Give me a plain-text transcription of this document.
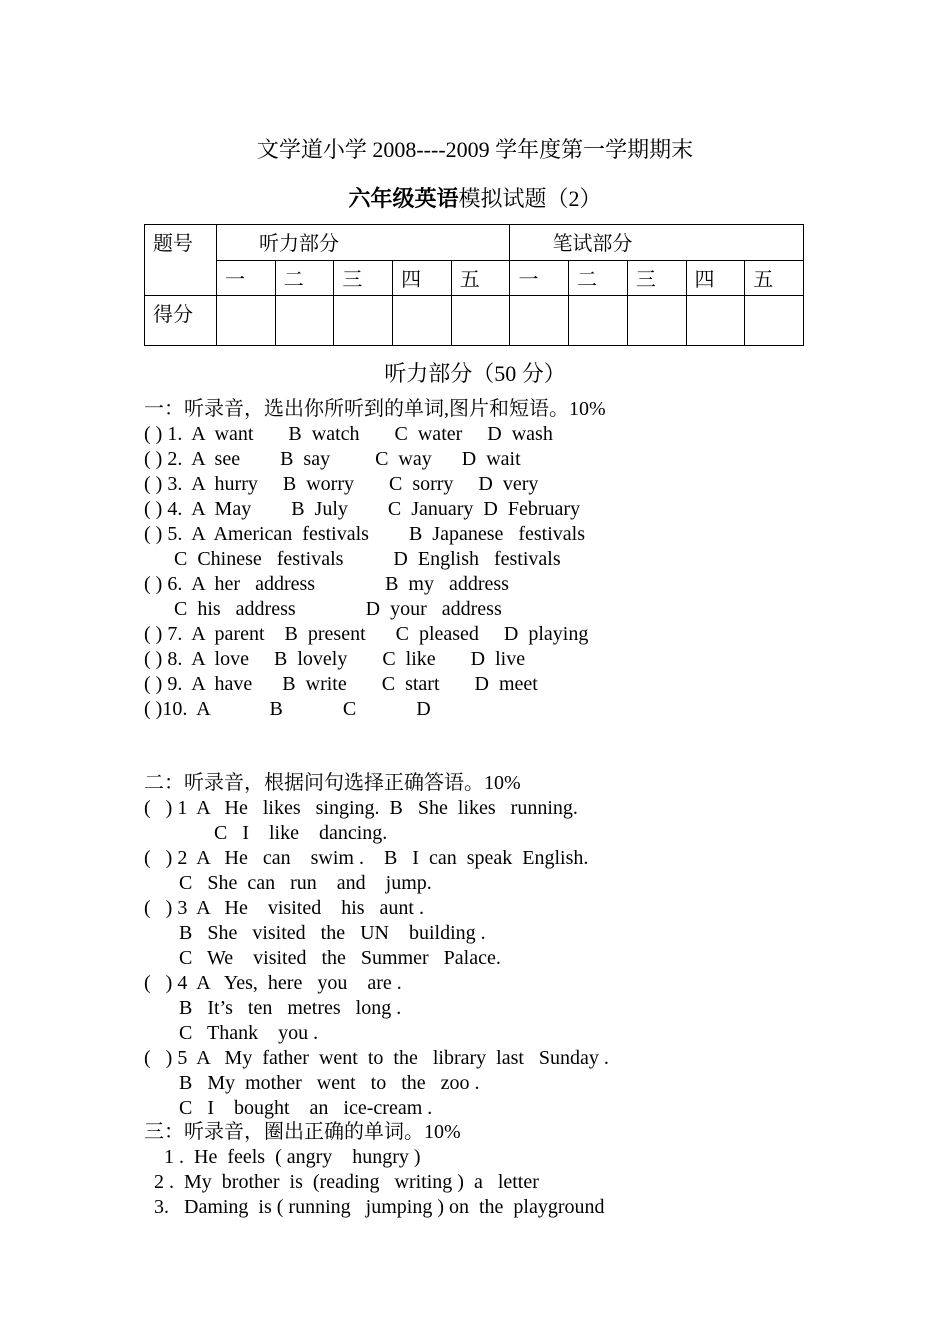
文学道小学 2008----2009 学年度第一学期期末
六年级英语模拟试题（2）
题号	听力部分					笔试部分				
	一	二	三	四	五	一	二	三	四	五
得分										
听力部分（50 分）
一：听录音，选出你所听到的单词,图片和短语。10%
( ) 1.  A  want       B  watch       C  water     D  wash
( ) 2.  A  see        B  say         C  way      D  wait
( ) 3.  A  hurry     B  worry       C  sorry     D  very
( ) 4.  A  May        B  July        C  January  D  February
( ) 5.  A  American  festivals        B  Japanese   festivals
C  Chinese   festivals          D  English   festivals
( ) 6.  A  her   address              B  my   address
C  his   address              D  your   address
( ) 7.  A  parent    B  present      C  pleased     D  playing
( ) 8.  A  love     B  lovely       C  like       D  live
( ) 9.  A  have      B  write       C  start       D  meet
( )10.  A            B            C            D
二：听录音，根据问句选择正确答语。10%
(   ) 1  A   He   likes   singing.  B   She  likes   running.
C   I    like    dancing.
(   ) 2  A   He   can    swim .    B   I  can  speak  English.
C   She  can   run    and    jump.
(   ) 3  A   He    visited    his   aunt .
B   She   visited   the   UN    building .
C   We    visited   the   Summer   Palace.
(   ) 4  A   Yes,  here   you    are .
B   It’s   ten   metres   long .
C   Thank    you .
(   ) 5  A   My  father  went  to  the   library  last   Sunday .
B   My  mother   went   to   the   zoo .
C   I    bought    an   ice-cream .
三：听录音，圈出正确的单词。10%
1 .  He  feels  ( angry    hungry )
2 .  My  brother  is  (reading   writing )  a   letter
3.   Daming  is ( running   jumping ) on  the  playground
